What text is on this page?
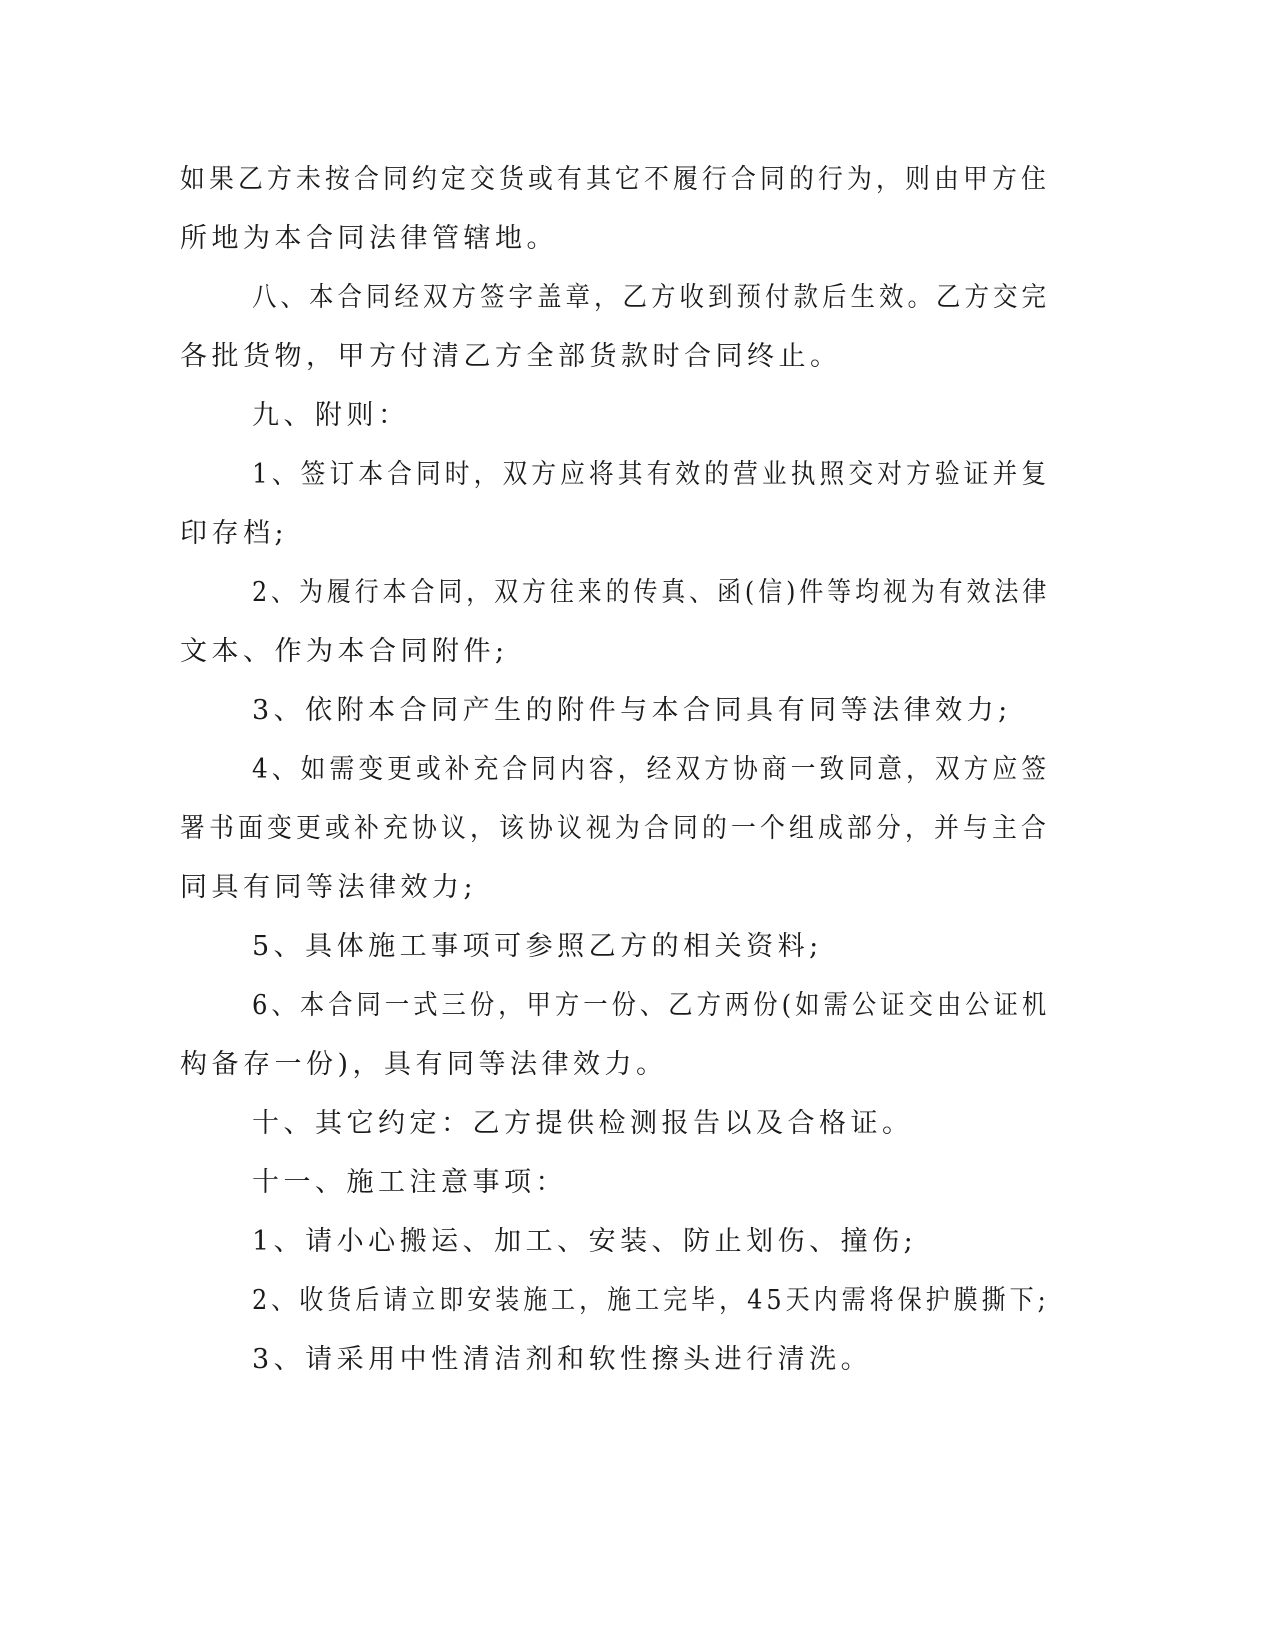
如果乙方未按合同约定交货或有其它不履行合同的行为，则由甲方住
所地为本合同法律管辖地。
八、本合同经双方签字盖章，乙方收到预付款后生效。乙方交完
各批货物，甲方付清乙方全部货款时合同终止。
九、附则：
1、签订本合同时，双方应将其有效的营业执照交对方验证并复
印存档;
2、为履行本合同，双方往来的传真、函(信)件等均视为有效法律
文本、作为本合同附件;
3、依附本合同产生的附件与本合同具有同等法律效力;
4、如需变更或补充合同内容，经双方协商一致同意，双方应签
署书面变更或补充协议，该协议视为合同的一个组成部分，并与主合
同具有同等法律效力;
5、具体施工事项可参照乙方的相关资料;
6、本合同一式三份，甲方一份、乙方两份(如需公证交由公证机
构备存一份)，具有同等法律效力。
十、其它约定：乙方提供检测报告以及合格证。
十一、施工注意事项：
1、请小心搬运、加工、安装、防止划伤、撞伤;
2、收货后请立即安装施工，施工完毕，45天内需将保护膜撕下;
3、请采用中性清洁剂和软性擦头进行清洗。
